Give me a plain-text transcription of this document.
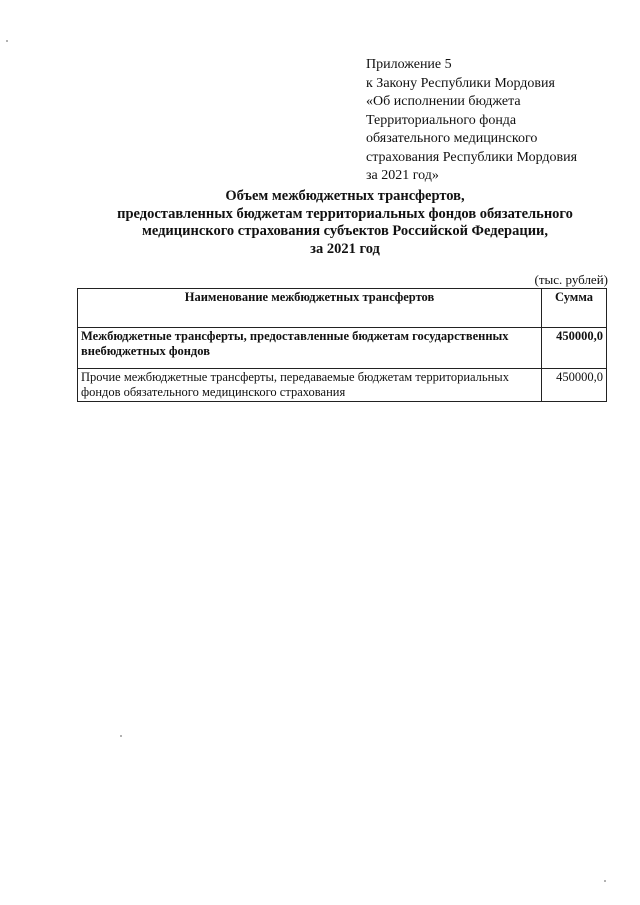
Приложение 5
к Закону Республики Мордовия
«Об исполнении бюджета
Территориального фонда
обязательного медицинского
страхования Республики Мордовия
за 2021 год»
Объем межбюджетных трансфертов,
предоставленных бюджетам территориальных фондов обязательного
медицинского страхования субъектов Российской Федерации,
за 2021 год
(тыс. рублей)
Наименование межбюджетных трансфертов	Сумма
Межбюджетные трансферты, предоставленные бюджетам государственных внебюджетных фондов	450000,0
Прочие межбюджетные трансферты, передаваемые бюджетам территориальных фондов обязательного медицинского страхования	450000,0
